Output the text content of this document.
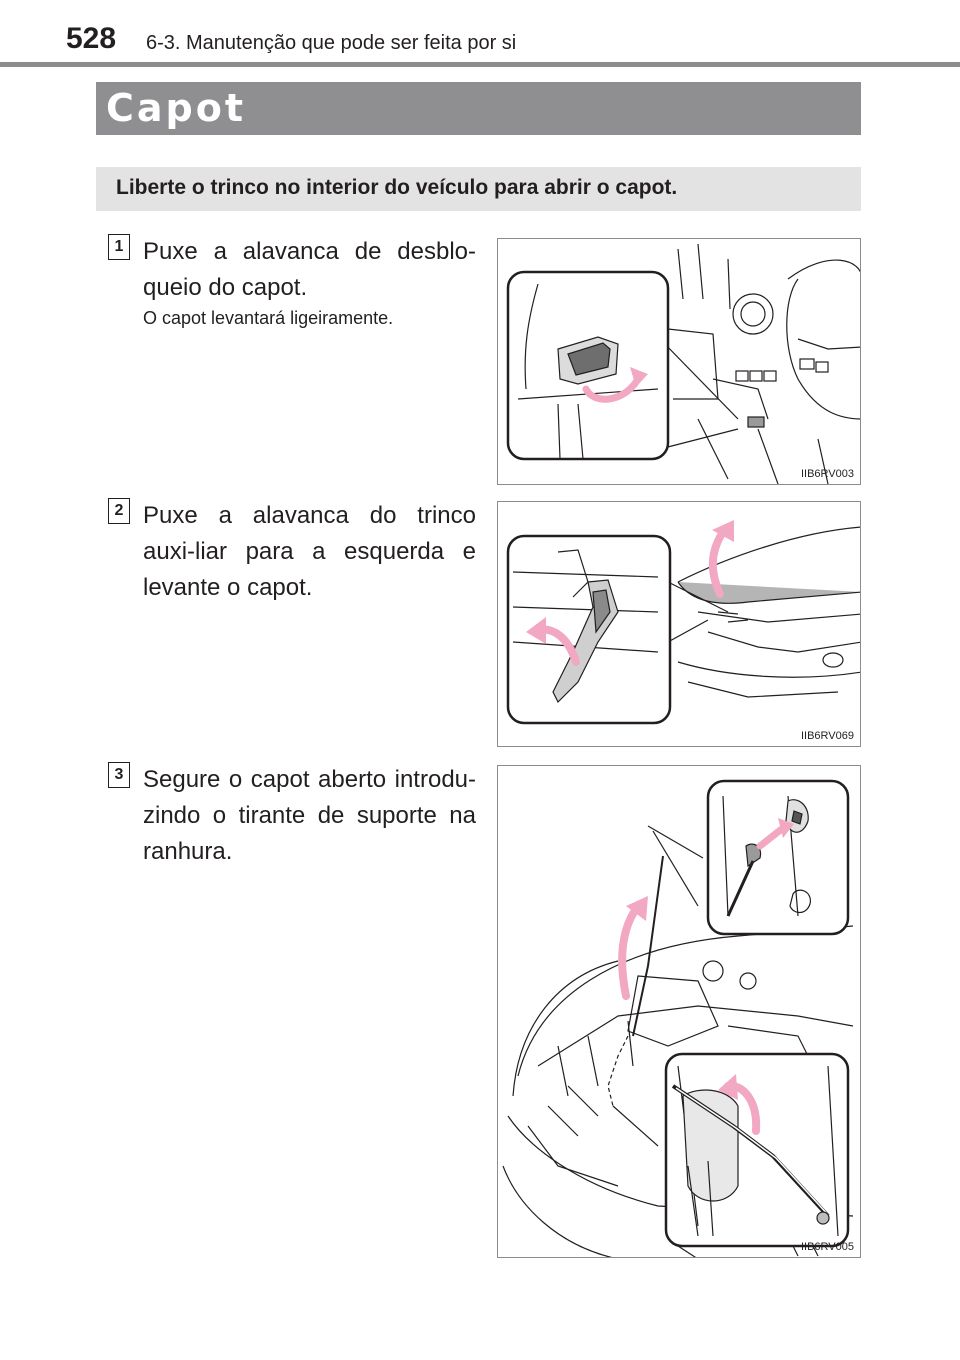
528 6-3. Manutenção que pode ser feita por si
Capot
Liberte o trinco no interior do veículo para abrir o capot.
1 Puxe a alavanca de desblo-queio do capot.
O capot levantará ligeiramente.
IIB6RV003
2 Puxe a alavanca do trinco auxi-liar para a esquerda e levante o capot.
IIB6RV069
3 Segure o capot aberto introdu-zindo o tirante de suporte na ranhura.
IIB6RV005
